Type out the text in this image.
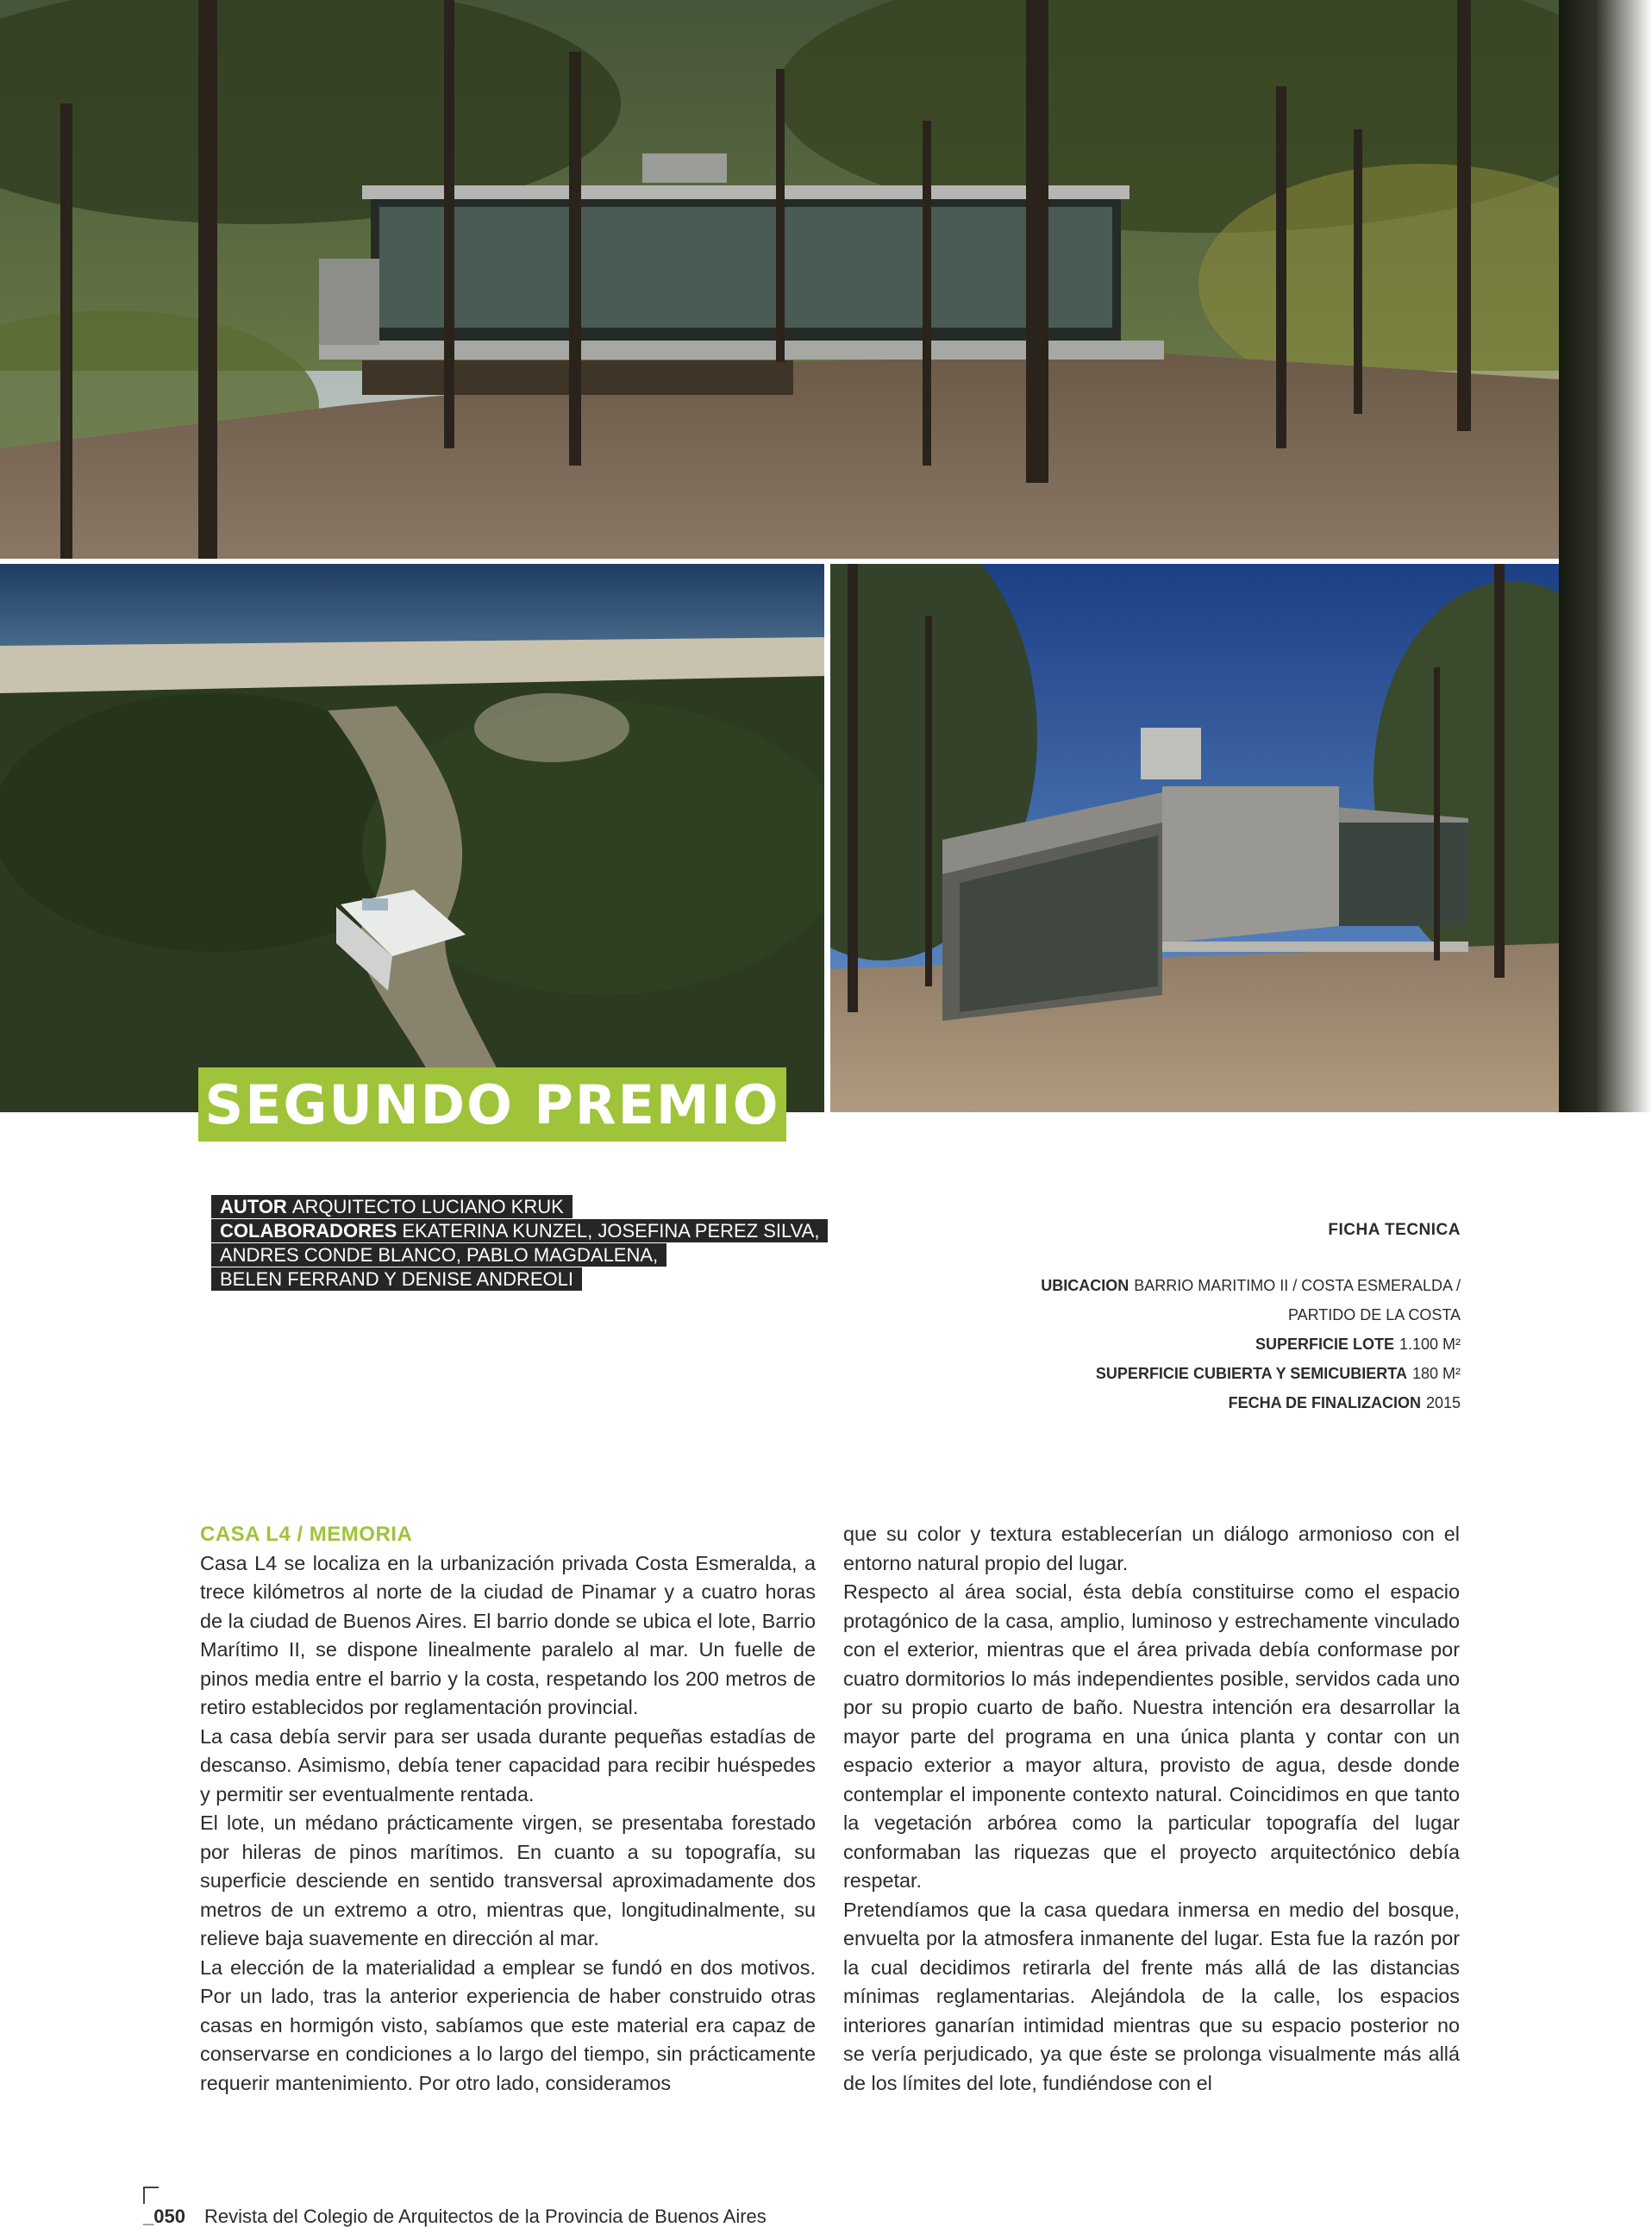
SEGUNDO PREMIO
AUTOR ARQUITECTO LUCIANO KRUK
COLABORADORES EKATERINA KUNZEL, JOSEFINA PEREZ SILVA,
ANDRES CONDE BLANCO, PABLO MAGDALENA,
BELEN FERRAND Y DENISE ANDREOLI
FICHA TECNICA
UBICACION BARRIO MARITIMO II / COSTA ESMERALDA /
PARTIDO DE LA COSTA
SUPERFICIE LOTE 1.100 M²
SUPERFICIE CUBIERTA Y SEMICUBIERTA 180 M²
FECHA DE FINALIZACION 2015
CASA L4 / MEMORIA

Casa L4 se localiza en la urbanización privada Costa Esmeralda, a trece kilómetros al norte de la ciudad de Pinamar y a cuatro horas de la ciudad de Buenos Aires. El barrio donde se ubica el lote, Barrio Marítimo II, se dispone linealmente paralelo al mar. Un fuelle de pinos media entre el barrio y la costa, respetando los 200 metros de retiro establecidos por reglamentación provincial.

La casa debía servir para ser usada durante pequeñas estadías de descanso. Asimismo, debía tener capacidad para recibir huéspedes y permitir ser eventualmente rentada.

El lote, un médano prácticamente virgen, se presentaba forestado por hileras de pinos marítimos. En cuanto a su topografía, su superficie desciende en sentido transversal aproximadamente dos metros de un extremo a otro, mientras que, longitudinalmente, su relieve baja suavemente en dirección al mar.

La elección de la materialidad a emplear se fundó en dos motivos. Por un lado, tras la anterior experiencia de haber construido otras casas en hormigón visto, sabíamos que este material era capaz de conservarse en condiciones a lo largo del tiempo, sin prácticamente requerir mantenimiento. Por otro lado, consideramos

que su color y textura establecerían un diálogo armonioso con el entorno natural propio del lugar.

Respecto al área social, ésta debía constituirse como el espacio protagónico de la casa, amplio, luminoso y estrechamente vinculado con el exterior, mientras que el área privada debía conformase por cuatro dormitorios lo más independientes posible, servidos cada uno por su propio cuarto de baño. Nuestra intención era desarrollar la mayor parte del programa en una única planta y contar con un espacio exterior a mayor altura, provisto de agua, desde donde contemplar el imponente contexto natural. Coincidimos en que tanto la vegetación arbórea como la particular topografía del lugar conformaban las riquezas que el proyecto arquitectónico debía respetar.

Pretendíamos que la casa quedara inmersa en medio del bosque, envuelta por la atmosfera inmanente del lugar. Esta fue la razón por la cual decidimos retirarla del frente más allá de las distancias mínimas reglamentarias. Alejándola de la calle, los espacios interiores ganarían intimidad mientras que su espacio posterior no se vería perjudicado, ya que éste se prolonga visualmente más allá de los límites del lote, fundiéndose con el

_050 Revista del Colegio de Arquitectos de la Provincia de Buenos Aires
